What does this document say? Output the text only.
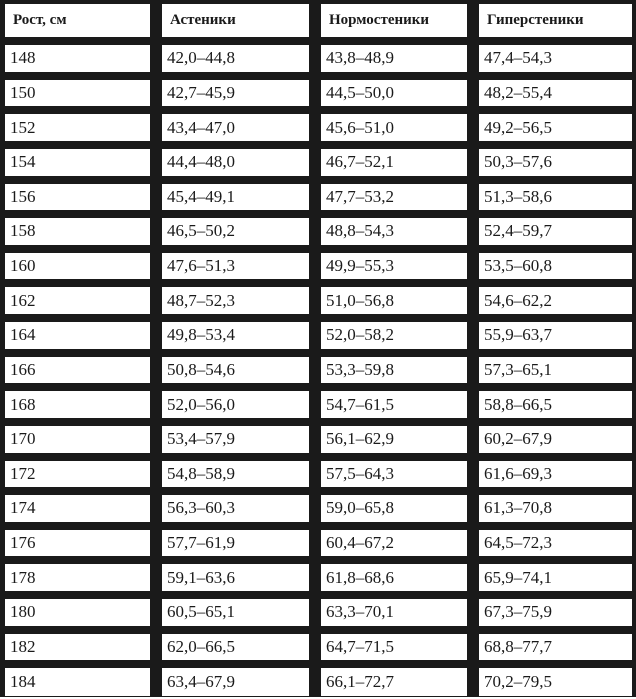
Рост, см	Астеники	Нормостеники	Гиперстеники
148	42,0–44,8	43,8–48,9	47,4–54,3
150	42,7–45,9	44,5–50,0	48,2–55,4
152	43,4–47,0	45,6–51,0	49,2–56,5
154	44,4–48,0	46,7–52,1	50,3–57,6
156	45,4–49,1	47,7–53,2	51,3–58,6
158	46,5–50,2	48,8–54,3	52,4–59,7
160	47,6–51,3	49,9–55,3	53,5–60,8
162	48,7–52,3	51,0–56,8	54,6–62,2
164	49,8–53,4	52,0–58,2	55,9–63,7
166	50,8–54,6	53,3–59,8	57,3–65,1
168	52,0–56,0	54,7–61,5	58,8–66,5
170	53,4–57,9	56,1–62,9	60,2–67,9
172	54,8–58,9	57,5–64,3	61,6–69,3
174	56,3–60,3	59,0–65,8	61,3–70,8
176	57,7–61,9	60,4–67,2	64,5–72,3
178	59,1–63,6	61,8–68,6	65,9–74,1
180	60,5–65,1	63,3–70,1	67,3–75,9
182	62,0–66,5	64,7–71,5	68,8–77,7
184	63,4–67,9	66,1–72,7	70,2–79,5
